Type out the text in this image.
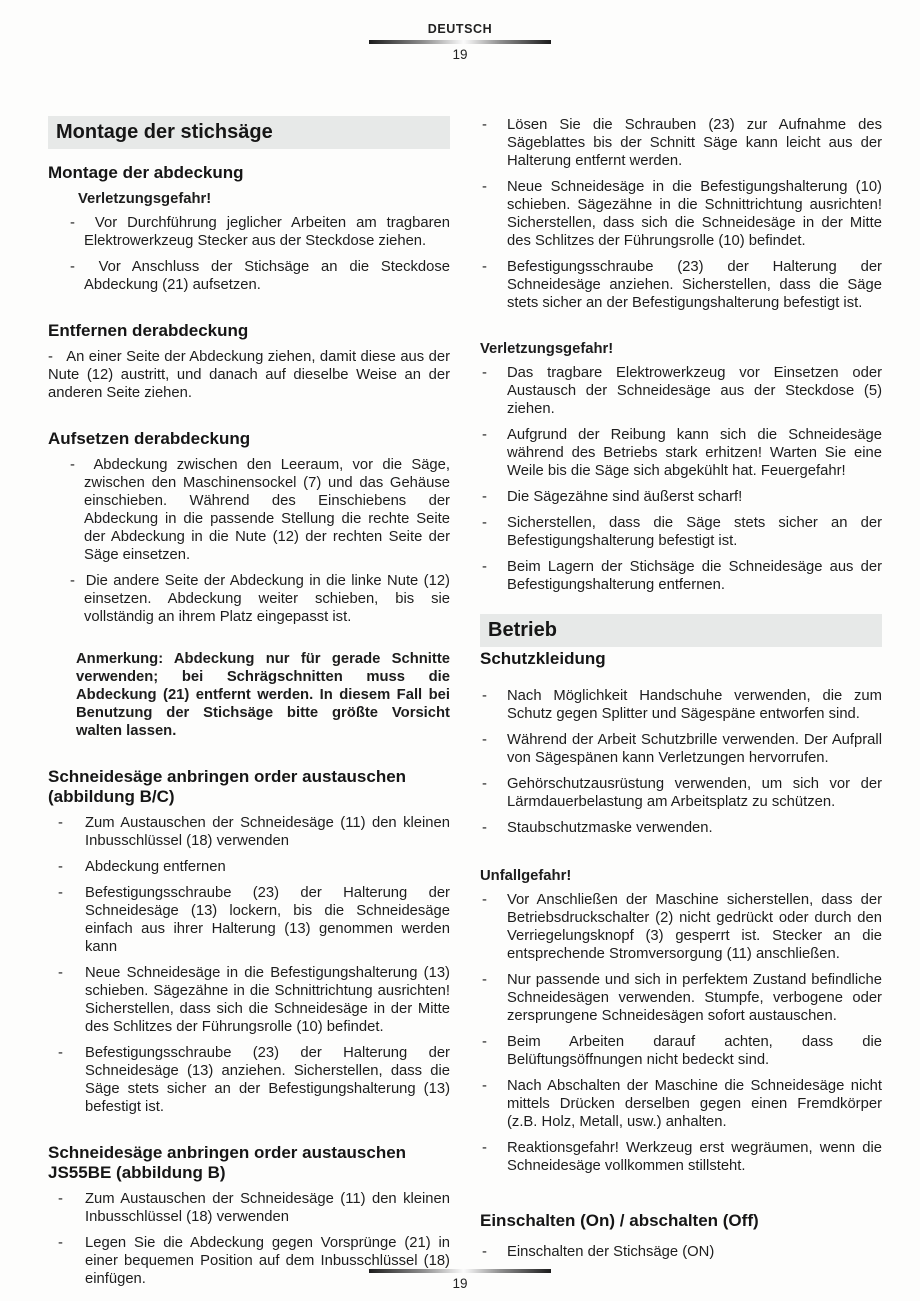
DEUTSCH
19
Montage der stichsäge
Montage der abdeckung
Verletzungsgefahr!
-  Vor Durchführung jeglicher Arbeiten am tragbaren Elektrowerkzeug Stecker aus der Steckdose ziehen.
-  Vor Anschluss der Stichsäge an die Steckdose Abdeckung (21) aufsetzen.
Entfernen derabdeckung
-   An einer Seite der Abdeckung ziehen, damit diese aus der Nute (12) austritt, und danach auf dieselbe Weise an der anderen Seite ziehen.
Aufsetzen derabdeckung
-  Abdeckung zwischen den Leeraum, vor die Säge, zwischen den Maschinensockel (7) und das Gehäuse einschieben. Während des Einschiebens der Abdeckung in die passende Stellung die rechte Seite der Abdeckung in die Nute (12) der rechten Seite der Säge einsetzen.
-  Die andere Seite der Abdeckung in die linke Nute (12) einsetzen. Abdeckung weiter schieben, bis sie vollständig an ihrem Platz eingepasst ist.
Anmerkung: Abdeckung nur für gerade Schnitte verwenden; bei Schrägschnitten muss die Abdeckung (21) entfernt werden. In diesem Fall bei Benutzung der Stichsäge bitte größte Vorsicht walten lassen.
Schneidesäge anbringen order austauschen (abbildung B/C)
- Zum Austauschen der Schneidesäge (11) den kleinen Inbusschlüssel (18) verwenden
- Abdeckung entfernen
- Befestigungsschraube (23) der Halterung der Schneidesäge (13) lockern, bis die Schneidesäge einfach aus ihrer Halterung (13) genommen werden kann
- Neue Schneidesäge in die Befestigungshalterung (13) schieben. Sägezähne in die Schnittrichtung ausrichten! Sicherstellen, dass sich die Schneidesäge in der Mitte des Schlitzes der Führungsrolle (10) befindet.
- Befestigungsschraube (23) der Halterung der Schneidesäge (13) anziehen. Sicherstellen, dass die Säge stets sicher an der Befestigungshalterung (13) befestigt ist.
Schneidesäge anbringen order austauschen JS55BE (abbildung B)
- Zum Austauschen der Schneidesäge (11) den kleinen Inbusschlüssel (18) verwenden
- Legen Sie die Abdeckung gegen Vorsprünge (21) in einer bequemen Position auf dem Inbusschlüssel (18) einfügen.
- Lösen Sie die Schrauben (23) zur Aufnahme des Sägeblattes bis der Schnitt Säge kann leicht aus der Halterung entfernt werden.
- Neue Schneidesäge in die Befestigungshalterung (10) schieben. Sägezähne in die Schnittrichtung ausrichten! Sicherstellen, dass sich die Schneidesäge in der Mitte des Schlitzes der Führungsrolle (10) befindet.
- Befestigungsschraube (23) der Halterung der Schneidesäge anziehen. Sicherstellen, dass die Säge stets sicher an der Befestigungshalterung befestigt ist.
Verletzungsgefahr!
- Das tragbare Elektrowerkzeug vor Einsetzen oder Austausch der Schneidesäge aus der Steckdose (5) ziehen.
- Aufgrund der Reibung kann sich die Schneidesäge während des Betriebs stark erhitzen! Warten Sie eine Weile bis die Säge sich abgekühlt hat. Feuergefahr!
- Die Sägezähne sind äußerst scharf!
- Sicherstellen, dass die Säge stets sicher an der Befestigungshalterung befestigt ist.
- Beim Lagern der Stichsäge die Schneidesäge aus der Befestigungshalterung entfernen.
Betrieb
Schutzkleidung
- Nach Möglichkeit Handschuhe verwenden, die zum Schutz gegen Splitter und Sägespäne entworfen sind.
- Während der Arbeit Schutzbrille verwenden. Der Aufprall von Sägespänen kann Verletzungen hervorrufen.
- Gehörschutzausrüstung verwenden, um sich vor der Lärmdauerbelastung am Arbeitsplatz zu schützen.
- Staubschutzmaske verwenden.
Unfallgefahr!
- Vor Anschließen der Maschine sicherstellen, dass der Betriebsdruckschalter (2) nicht gedrückt oder durch den Verriegelungsknopf (3) gesperrt ist. Stecker an die entsprechende Stromversorgung (11) anschließen.
- Nur passende und sich in perfektem Zustand befindliche Schneidesägen verwenden. Stumpfe, verbogene oder zersprungene Schneidesägen sofort austauschen.
- Beim Arbeiten darauf achten, dass die Belüftungsöffnungen nicht bedeckt sind.
- Nach Abschalten der Maschine die Schneidesäge nicht mittels Drücken derselben gegen einen Fremdkörper (z.B. Holz, Metall, usw.) anhalten.
- Reaktionsgefahr! Werkzeug erst wegräumen, wenn die Schneidesäge vollkommen stillsteht.
Einschalten (On) / abschalten (Off)
- Einschalten der Stichsäge (ON)
19
